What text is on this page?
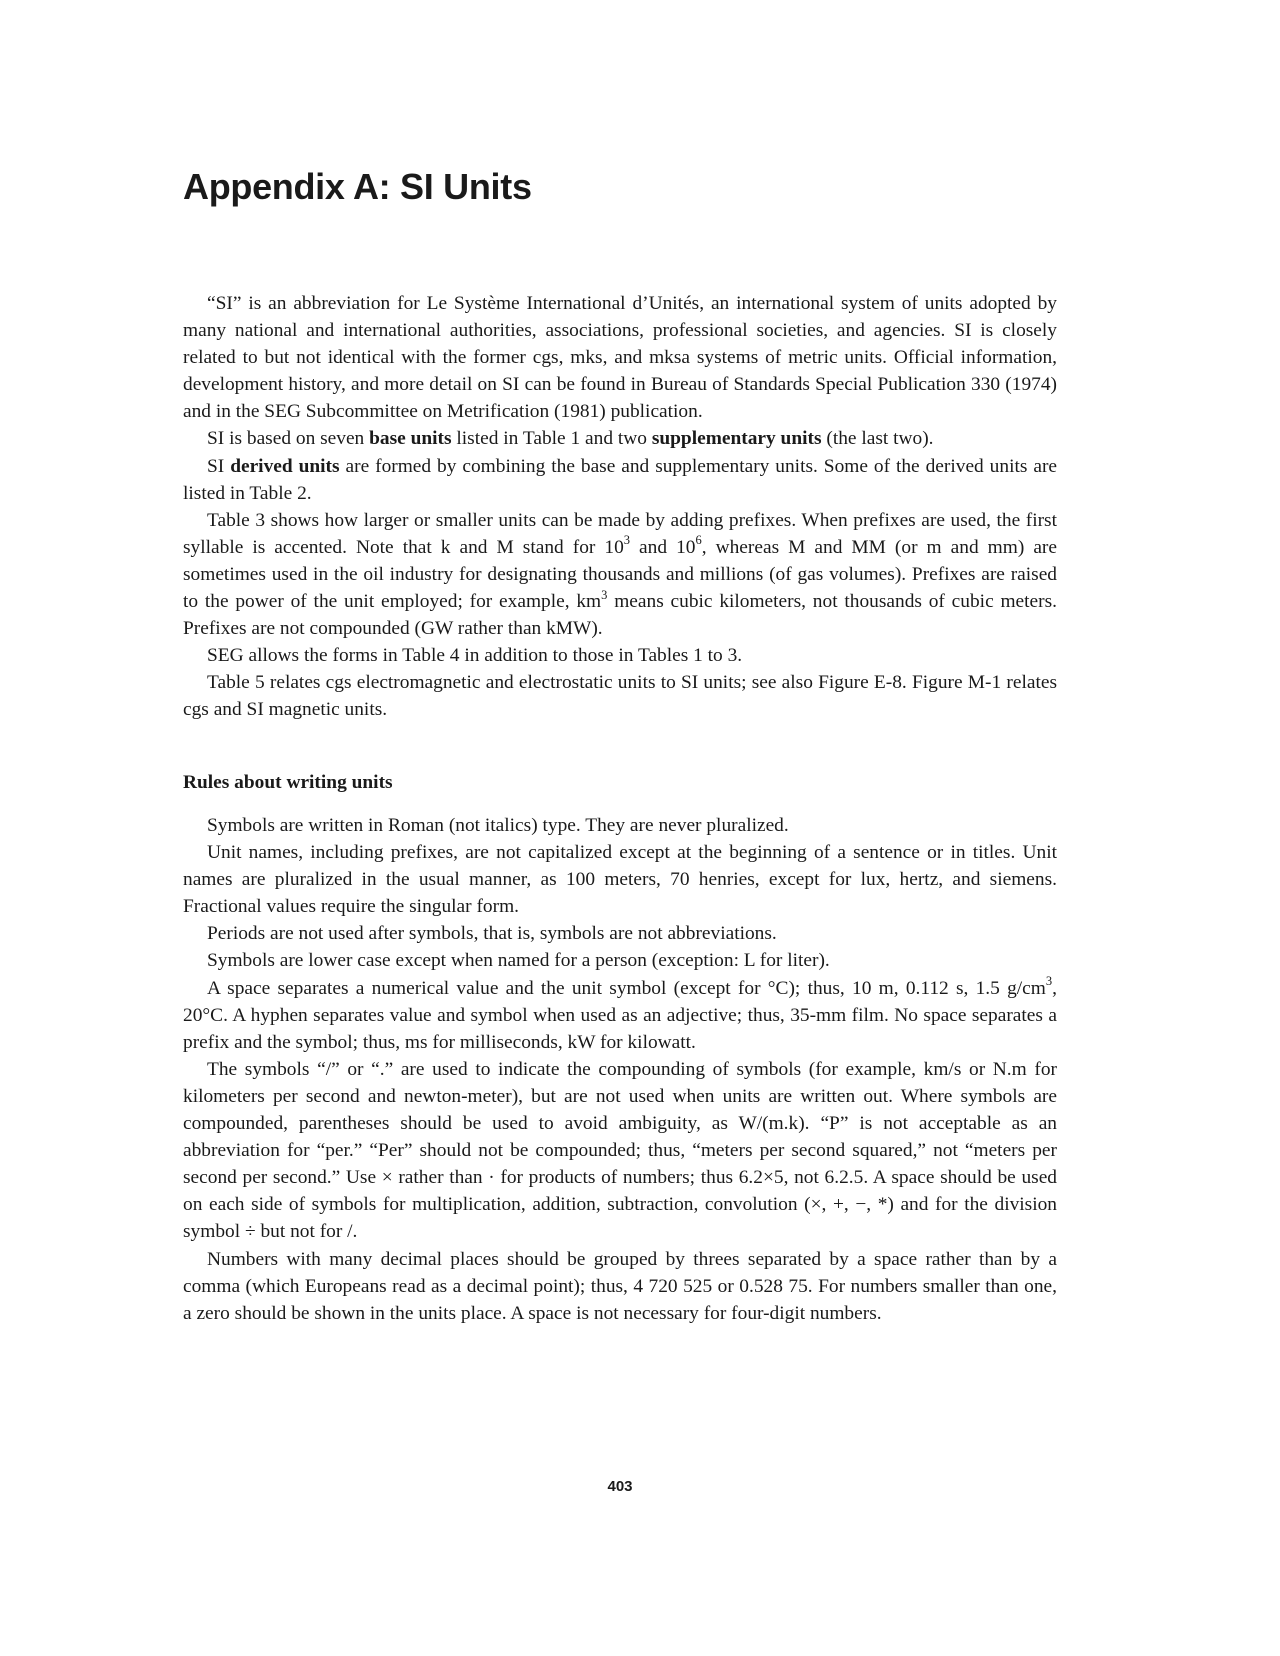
Appendix A: SI Units

“SI” is an abbreviation for Le Système International d’Unités, an international system of units adopted by many national and international authorities, associations, professional societies, and agencies. SI is closely related to but not identical with the former cgs, mks, and mksa systems of metric units. Official information, development history, and more detail on SI can be found in Bureau of Standards Special Publication 330 (1974) and in the SEG Subcommittee on Metrification (1981) publication.

SI is based on seven base units listed in Table 1 and two supplementary units (the last two).

SI derived units are formed by combining the base and supplementary units. Some of the derived units are listed in Table 2.

Table 3 shows how larger or smaller units can be made by adding prefixes. When prefixes are used, the first syllable is accented. Note that k and M stand for $10^3$ and $10^6$, whereas M and MM (or m and mm) are sometimes used in the oil industry for designating thousands and millions (of gas volumes). Prefixes are raised to the power of the unit employed; for example, $km^3$ means cubic kilometers, not thousands of cubic meters. Prefixes are not compounded (GW rather than kMW).

SEG allows the forms in Table 4 in addition to those in Tables 1 to 3.

Table 5 relates cgs electromagnetic and electrostatic units to SI units; see also Figure E-8. Figure M-1 relates cgs and SI magnetic units.

Rules about writing units

Symbols are written in Roman (not italics) type. They are never pluralized.

Unit names, including prefixes, are not capitalized except at the beginning of a sentence or in titles. Unit names are pluralized in the usual manner, as 100 meters, 70 henries, except for lux, hertz, and siemens. Fractional values require the singular form.

Periods are not used after symbols, that is, symbols are not abbreviations.

Symbols are lower case except when named for a person (exception: L for liter).

A space separates a numerical value and the unit symbol (except for °C); thus, 10 m, 0.112 s, 1.5 $g/cm^3$, 20°C. A hyphen separates value and symbol when used as an adjective; thus, 35-mm film. No space separates a prefix and the symbol; thus, ms for milliseconds, kW for kilowatt.

The symbols “/” or “.” are used to indicate the compounding of symbols (for example, km/s or N.m for kilometers per second and newton-meter), but are not used when units are written out. Where symbols are compounded, parentheses should be used to avoid ambiguity, as W/(m.k). “P” is not acceptable as an abbreviation for “per.” “Per” should not be compounded; thus, “meters per second squared,” not “meters per second per second.” Use × rather than · for products of numbers; thus 6.2×5, not 6.2.5. A space should be used on each side of symbols for multiplication, addition, subtraction, convolution (×, +, −, *) and for the division symbol ÷ but not for /.

Numbers with many decimal places should be grouped by threes separated by a space rather than by a comma (which Europeans read as a decimal point); thus, 4 720 525 or 0.528 75. For numbers smaller than one, a zero should be shown in the units place. A space is not necessary for four-digit numbers.

403
